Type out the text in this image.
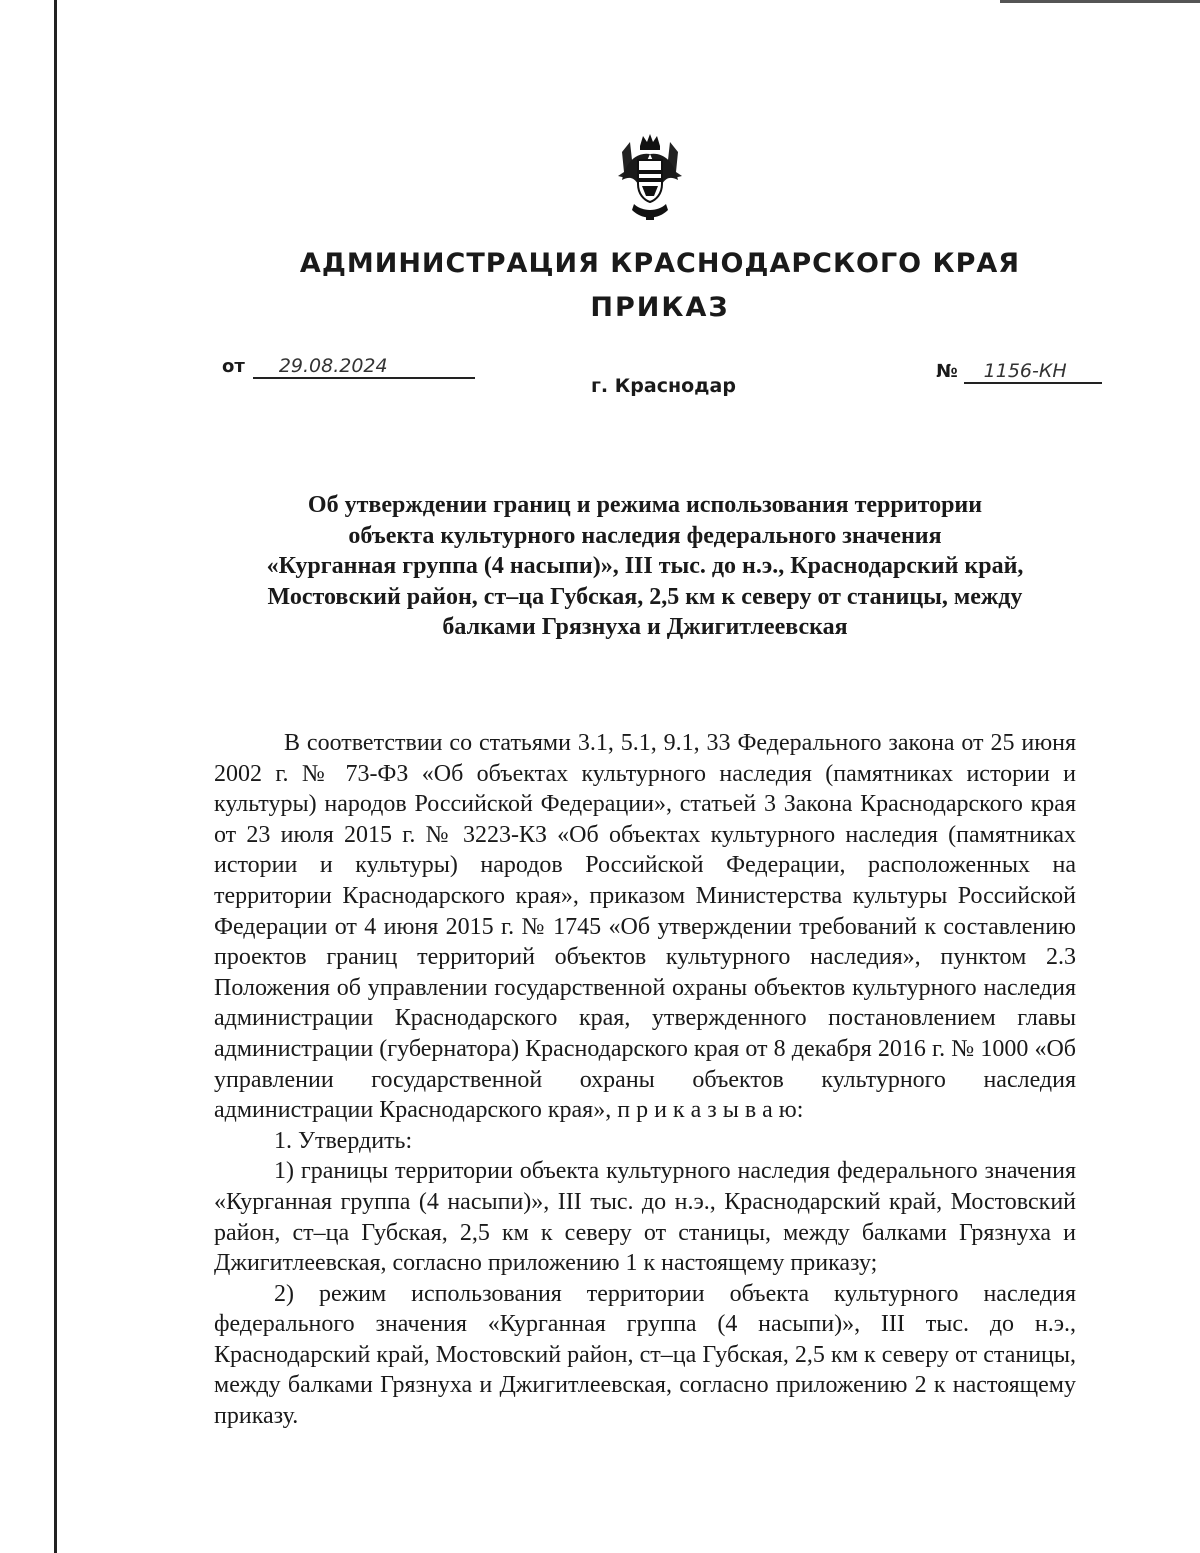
АДМИНИСТРАЦИЯ КРАСНОДАРСКОГО КРАЯ
ПРИКАЗ
от 29.08.2024	№ 1156-КН
г. Краснодар
Об утверждении границ и режима использования территории
объекта культурного наследия федерального значения
«Курганная группа (4 насыпи)», III тыс. до н.э., Краснодарский край,
Мостовский район, ст–ца Губская, 2,5 км к северу от станицы, между
балками Грязнуха и Джигитлеевская

В соответствии со статьями 3.1, 5.1, 9.1, 33 Федерального закона от 25 июня 2002 г. № 73-ФЗ «Об объектах культурного наследия (памятниках истории и культуры) народов Российской Федерации», статьей 3 Закона Краснодарского края от 23 июля 2015 г. № 3223-КЗ «Об объектах культурного наследия (памятниках истории и культуры) народов Российской Федерации, расположенных на территории Краснодарского края», приказом Министерства культуры Российской Федерации от 4 июня 2015 г. № 1745 «Об утверждении требований к составлению проектов границ территорий объектов культурного наследия», пунктом 2.3 Положения об управлении государственной охраны объектов культурного наследия администрации Краснодарского края, утвержденного постановлением главы администрации (губернатора) Краснодарского края от 8 декабря 2016 г. № 1000 «Об управлении государственной охраны объектов культурного наследия администрации Краснодарского края», п р и к а з ы в а ю:

1. Утвердить:

1) границы территории объекта культурного наследия федерального значения «Курганная группа (4 насыпи)», III тыс. до н.э., Краснодарский край, Мостовский район, ст–ца Губская, 2,5 км к северу от станицы, между балками Грязнуха и Джигитлеевская, согласно приложению 1 к настоящему приказу;

2) режим использования территории объекта культурного наследия федерального значения «Курганная группа (4 насыпи)», III тыс. до н.э., Краснодарский край, Мостовский район, ст–ца Губская, 2,5 км к северу от станицы, между балками Грязнуха и Джигитлеевская, согласно приложению 2 к настоящему приказу.
